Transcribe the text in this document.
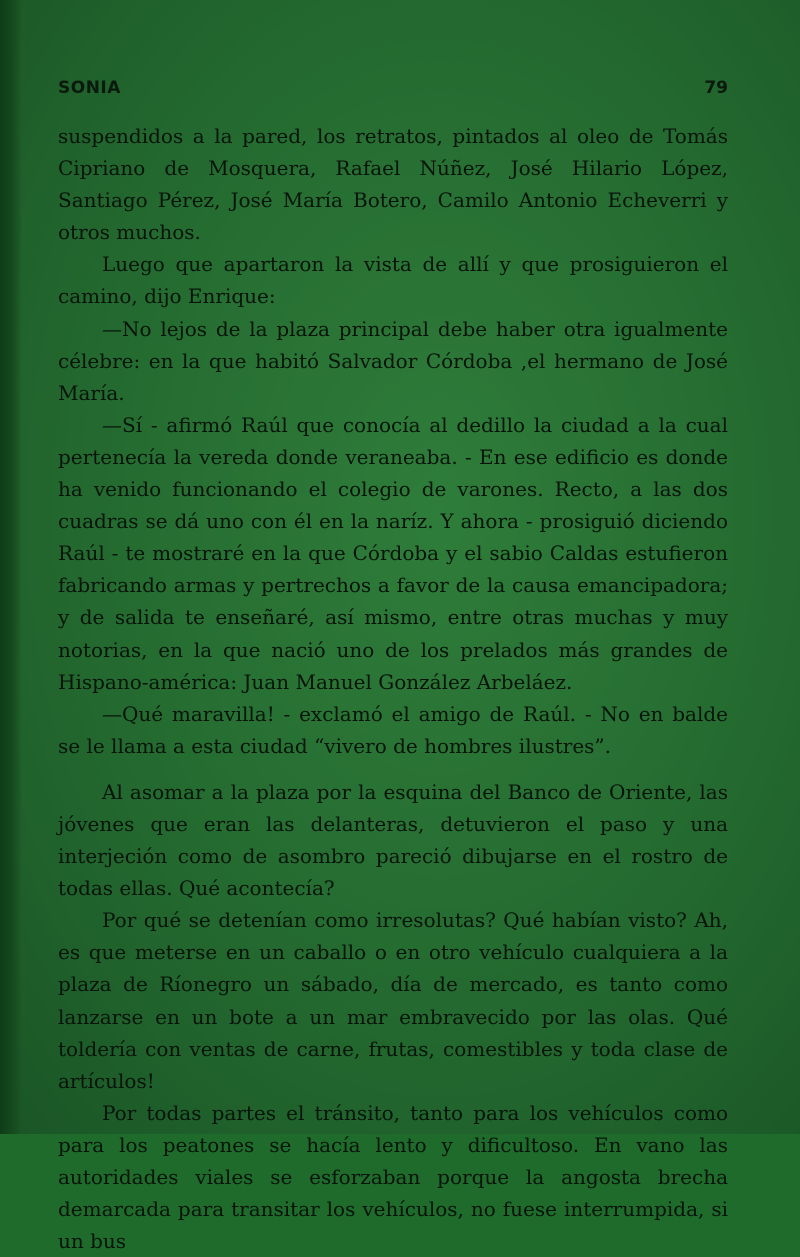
SONIA	79

suspendidos a la pared, los retratos, pintados al oleo de Tomás Cipriano de Mosquera, Rafael Núñez, José Hilario López, Santiago Pérez, José María Botero, Camilo Antonio Echeverri y otros muchos.

Luego que apartaron la vista de allí y que prosiguieron el camino, dijo Enrique:

—No lejos de la plaza principal debe haber otra igualmente célebre: en la que habitó Salvador Córdoba ,el hermano de José María.

—Sí - afirmó Raúl que conocía al dedillo la ciudad a la cual pertenecía la vereda donde veraneaba. - En ese edificio es donde ha venido funcionando el colegio de varones. Recto, a las dos cuadras se dá uno con él en la naríz. Y ahora - prosiguió diciendo Raúl - te mostraré en la que Córdoba y el sabio Caldas estufieron fabricando armas y pertrechos a favor de la causa emancipadora; y de salida te enseñaré, así mismo, entre otras muchas y muy notorias, en la que nació uno de los prelados más grandes de Hispano-américa: Juan Manuel González Arbeláez.

—Qué maravilla! - exclamó el amigo de Raúl. - No en balde se le llama a esta ciudad “vivero de hombres ilustres”.

Al asomar a la plaza por la esquina del Banco de Oriente, las jóvenes que eran las delanteras, detuvieron el paso y una interjeción como de asombro pareció dibujarse en el rostro de todas ellas. Qué acontecía?

Por qué se detenían como irresolutas? Qué habían visto? Ah, es que meterse en un caballo o en otro vehículo cualquiera a la plaza de Ríonegro un sábado, día de mercado, es tanto como lanzarse en un bote a un mar embravecido por las olas. Qué toldería con ventas de carne, frutas, comestibles y toda clase de artículos!

Por todas partes el tránsito, tanto para los vehículos como para los peatones se hacía lento y dificultoso. En vano las autoridades viales se esforzaban porque la angosta brecha demarcada para transitar los vehículos, no fuese interrumpida, si un bus
